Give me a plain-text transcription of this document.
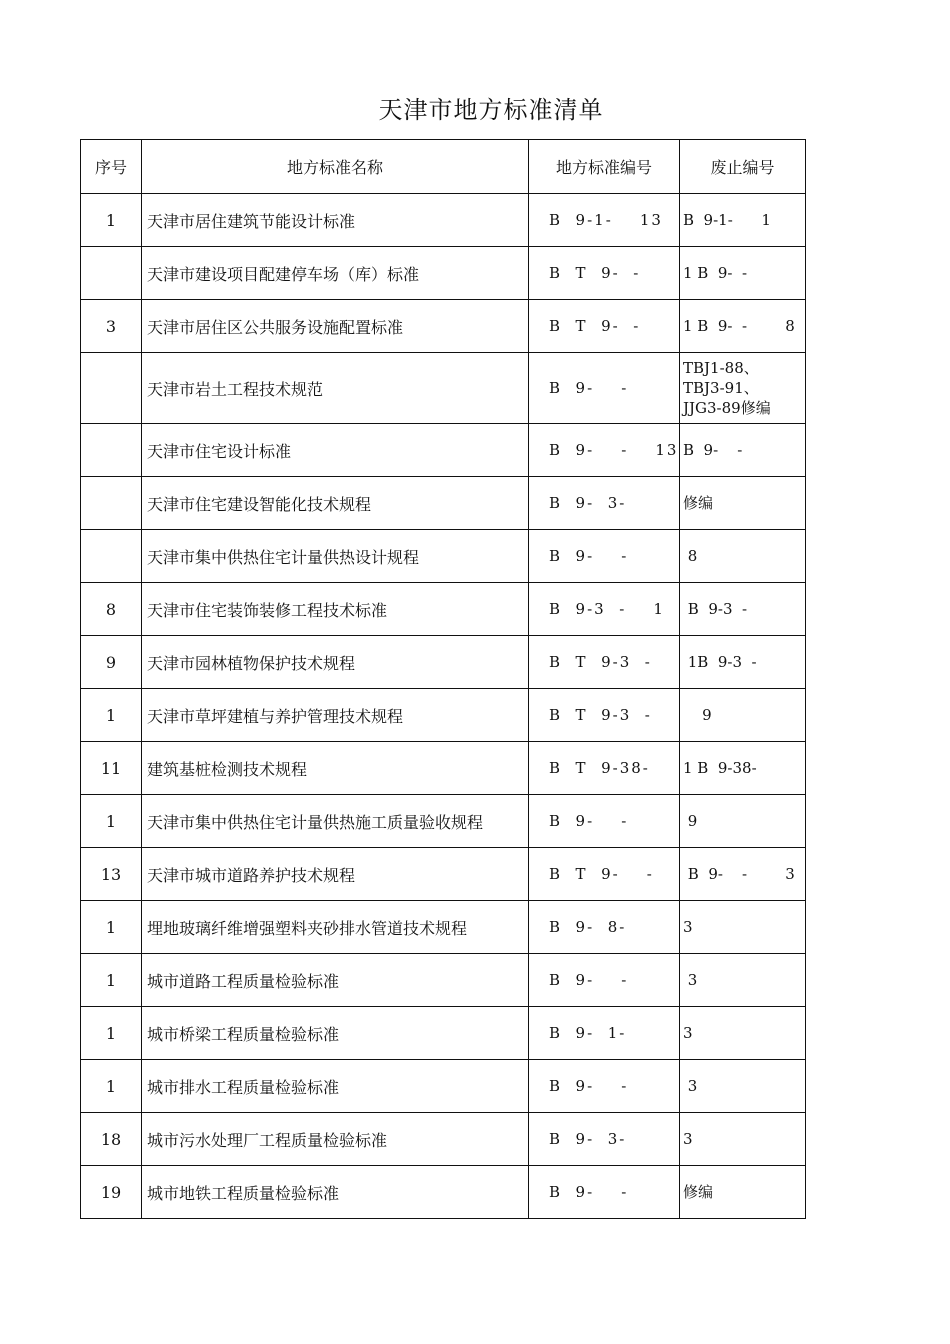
天津市地方标准清单
序号	地方标准名称	地方标准编号	废止编号
1	天津市居住建筑节能设计标准	B  9-1-    13	B  9-1-      1
	天津市建设项目配建停车场（库）标准	B  T  9-  -	1 B  9-  -
3	天津市居住区公共服务设施配置标准	B  T  9-  -	1 B  9-  -        8
	天津市岩土工程技术规范	B  9-    -	TBJ1-88、
TBJ3-91、
JJG3-89修编
	天津市住宅设计标准	B  9-    -    13	B  9-    -
	天津市住宅建设智能化技术规程	B  9-  3-	修编
	天津市集中供热住宅计量供热设计规程	B  9-    -	8
8	天津市住宅装饰装修工程技术标准	B  9-3  -    1	B  9-3  -
9	天津市园林植物保护技术规程	B  T  9-3  -	1B  9-3  -
1	天津市草坪建植与养护管理技术规程	B  T  9-3  -	9
11	建筑基桩检测技术规程	B  T  9-38-	1 B  9-38-
1	天津市集中供热住宅计量供热施工质量验收规程	B  9-    -	9
13	天津市城市道路养护技术规程	B  T  9-    -	B  9-    -        3
1	埋地玻璃纤维增强塑料夹砂排水管道技术规程	B  9-  8-	3
1	城市道路工程质量检验标准	B  9-    -	3
1	城市桥梁工程质量检验标准	B  9-  1-	3
1	城市排水工程质量检验标准	B  9-    -	3
18	城市污水处理厂工程质量检验标准	B  9-  3-	3
19	城市地铁工程质量检验标准	B  9-    -	修编
